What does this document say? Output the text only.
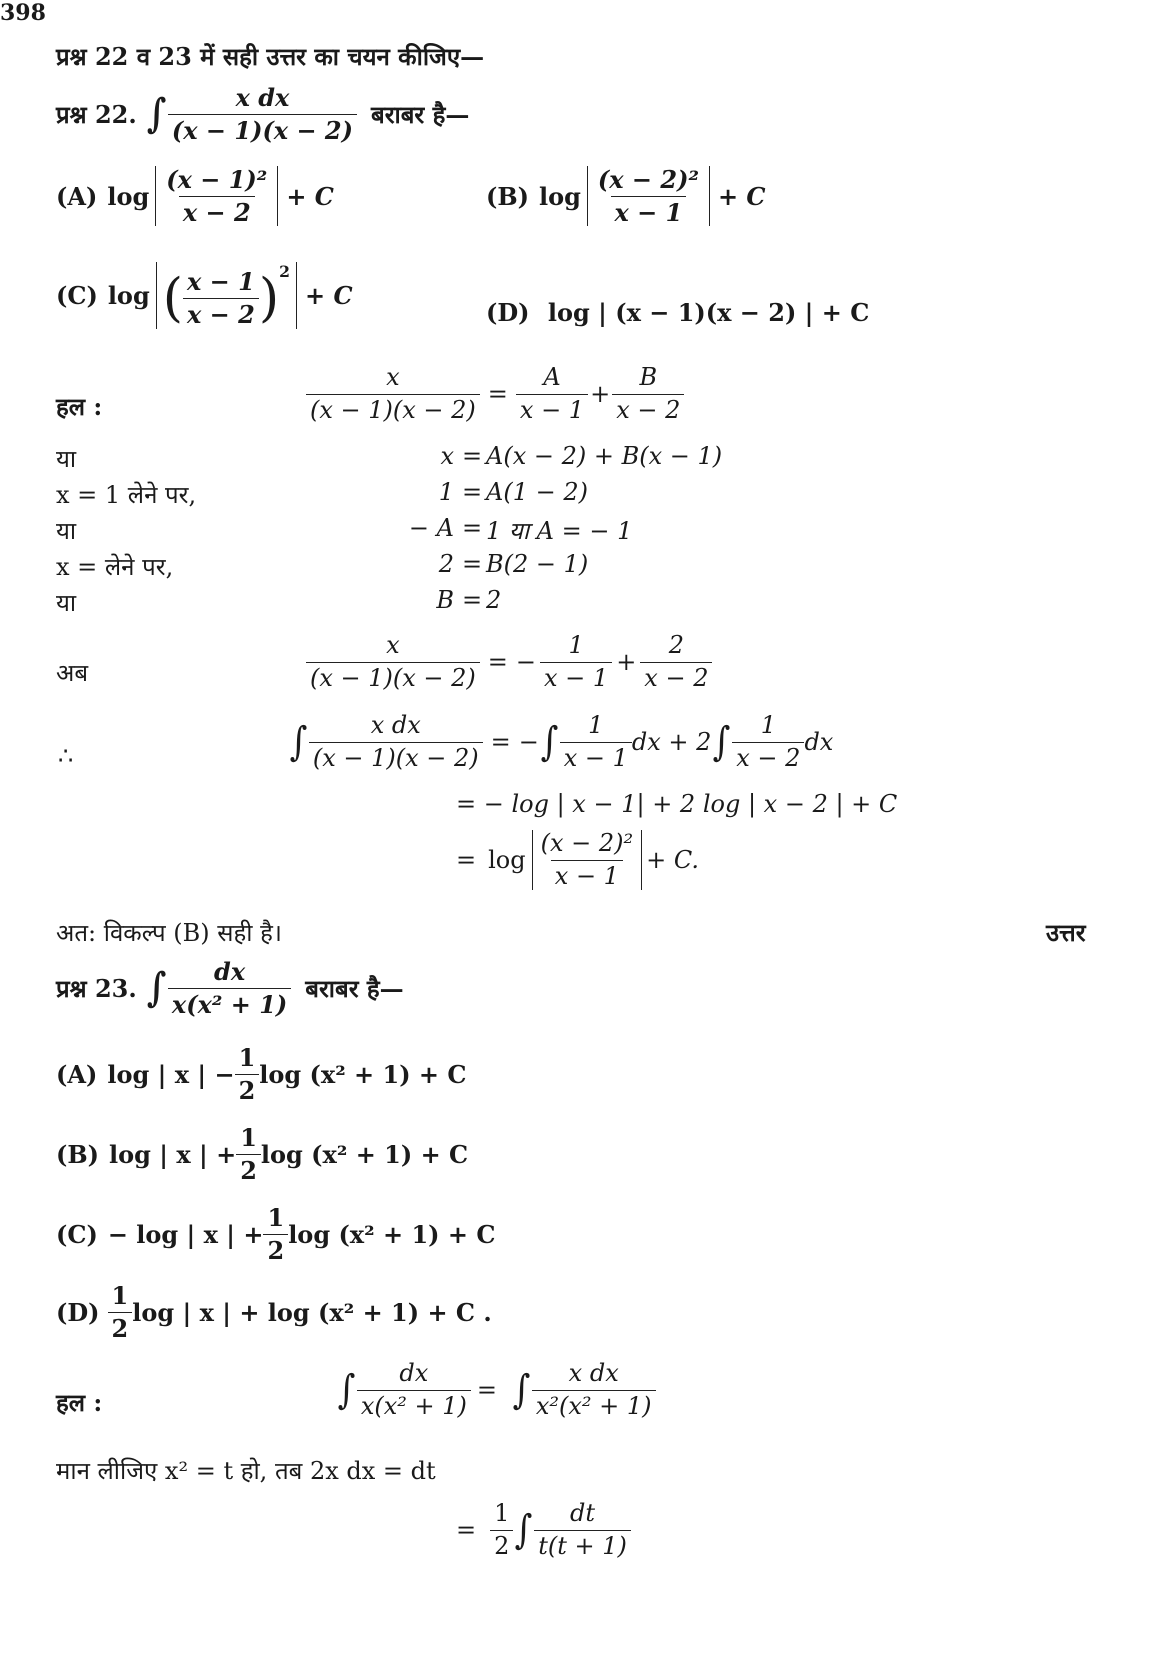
398
प्रश्न 22 व 23 में सही उत्तर का चयन कीजिए—
प्रश्न 22. ∫ $\frac{\text{x dx}}{(x - 1)(x - 2)}$ बराबर है—
(A) $\log \frac{\text{(x − 1)²}}{x - 2} + C$	(B) $\log \frac{\text{(x − 2)²}}{x - 1} + C$
(C) log ( $\frac{x - 1}{x - 2} )^2$
+ C
(D) log | (x − 1)(x − 2) | + C
हल :	$\frac{x}{(x - 1)(x - 2)} = \frac{A}{x - 1} + \frac{B}{x - 2}$
या	x = A(x − 2) + B(x − 1)
x = 1 लेने पर,	1 = A(1 − 2)
या	− A = 1 या A = − 1
x = लेने पर,	2 = B(2 − 1)
या	B = 2
अब	$\frac{x}{(x - 1)(x - 2)}$ = − $\frac{1}{x - 1} + \frac{2}{x - 2}$
∴	∫ $\frac{\text{x dx}}{(x - 1)(x - 2)}$ = − ∫ $\frac{1}{x - 1}$ dx + 2 ∫ $\frac{1}{x - 2}$ dx
= − log | x − 1| + 2 log | x − 2 | + C
= $\log \frac{\text{(x − 2)²}}{x - 1} + C$.
अत: विकल्प (B) सही है।	उत्तर
प्रश्न 23. ∫ $\frac{dx}{\text{x(x² + 1)}}$ बराबर है—
(A) log | x | − $\frac{1}{2}$ log (x² + 1) + C
(B) log | x | + $\frac{1}{2}$ log (x² + 1) + C
(C) − log | x | + $\frac{1}{2}$ log (x² + 1) + C
$(D) \frac{1}{2}$ log | x | + log (x² + 1) + C .
हल :	∫ $\frac{dx}{\text{x(x² + 1)}}$ = ∫ $\frac{\text{x dx}}{\text{x²(x² + 1)}}$
मान लीजिए x² = t हो, तब 2x dx = dt
= $\frac{1}{2}$ ∫ $\frac{dt}{t(t + 1)}$
